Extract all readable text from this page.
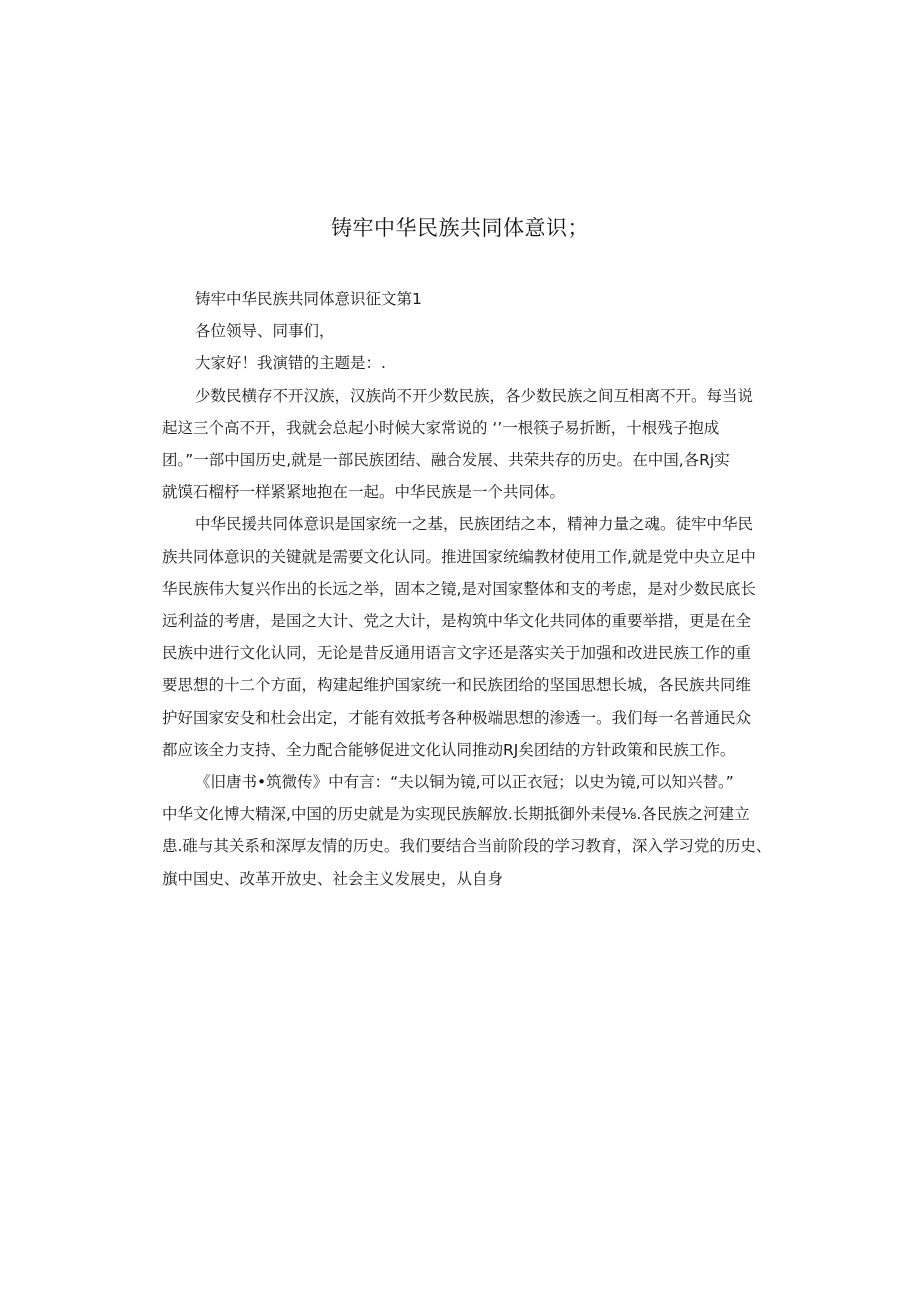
铸牢中华民族共同体意识；

铸牢中华民族共同体意识征文第1

各位领导、同事们，

大家好！我演错的主题是：.

少数民横存不开汉族，汉族尚不开少数民族，各少数民族之间互相离不开。每当说
起这三个高不开，我就会总起小时候大家常说的 ‘’一根筷子易折断，十根残子抱成
团。”一部中国历史,就是一部民族团结、融合发展、共荣共存的历史。在中国,各Rj实
就馍石榴杼一样紧紧地抱在一起。中华民族是一个共同体。

中华民援共同体意识是国家统一之基，民族团结之本，精神力量之魂。徒牢中华民
族共同体意识的关键就是需要文化认同。推进国家统编教材使用工作,就是党中央立足中
华民族伟大复兴作出的长远之举，固本之镜,是对国家整体和支的考虑，是对少数民底长
远利益的考唐，是国之大计、党之大计，是构筑中华文化共同体的重要举措，更是在全
民族中进行文化认同，无论是昔反通用语言文字还是落实关于加强和改进民族工作的重
要思想的十二个方面，构建起维护国家统一和民族团给的坚国思想长城，各民族共同维
护好国家安殳和杜会出定，才能有效抵考各种极端思想的渗透一。我们每一名普通民众
都应该全力支持、全力配合能够促进文化认同推动RJ矣团结的方针政策和民族工作。

《旧唐书•筑微传》中有言：“夫以铜为镜,可以正衣冠；以史为镜,可以知兴替。”
中华文化博大精深,中国的历史就是为实现民族解放.长期抵御外耒侵⅛.各民族之河建立
患.碓与其关系和深厚友情的历史。我们要结合当前阶段的学习教育，深入学习党的历史、
旗中国史、改革开放史、社会主义发展史，从自身
